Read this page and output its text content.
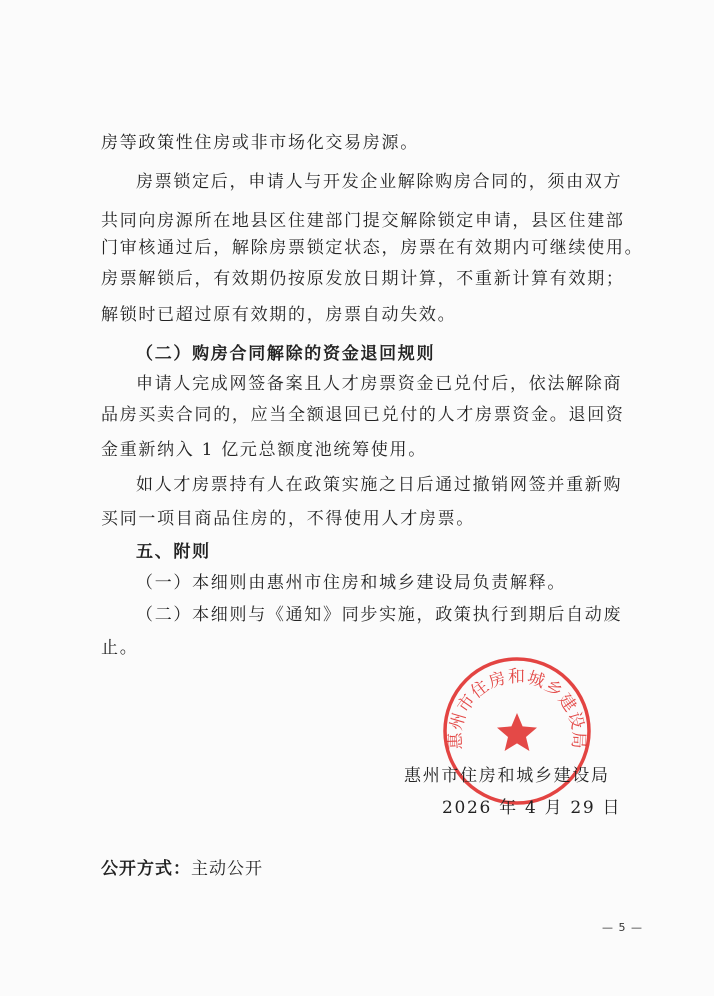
房等政策性住房或非市场化交易房源。
房票锁定后，申请人与开发企业解除购房合同的，须由双方
共同向房源所在地县区住建部门提交解除锁定申请，县区住建部
门审核通过后，解除房票锁定状态，房票在有效期内可继续使用。
房票解锁后，有效期仍按原发放日期计算，不重新计算有效期；
解锁时已超过原有效期的，房票自动失效。
（二）购房合同解除的资金退回规则
申请人完成网签备案且人才房票资金已兑付后，依法解除商
品房买卖合同的，应当全额退回已兑付的人才房票资金。退回资
金重新纳入 1 亿元总额度池统筹使用。
如人才房票持有人在政策实施之日后通过撤销网签并重新购
买同一项目商品住房的，不得使用人才房票。
五、附则
（一）本细则由惠州市住房和城乡建设局负责解释。
（二）本细则与《通知》同步实施，政策执行到期后自动废
止。
惠州市住房和城乡建设局
惠州市住房和城乡建设局
2026 年 4 月 29 日
公开方式：主动公开
— 5 —
